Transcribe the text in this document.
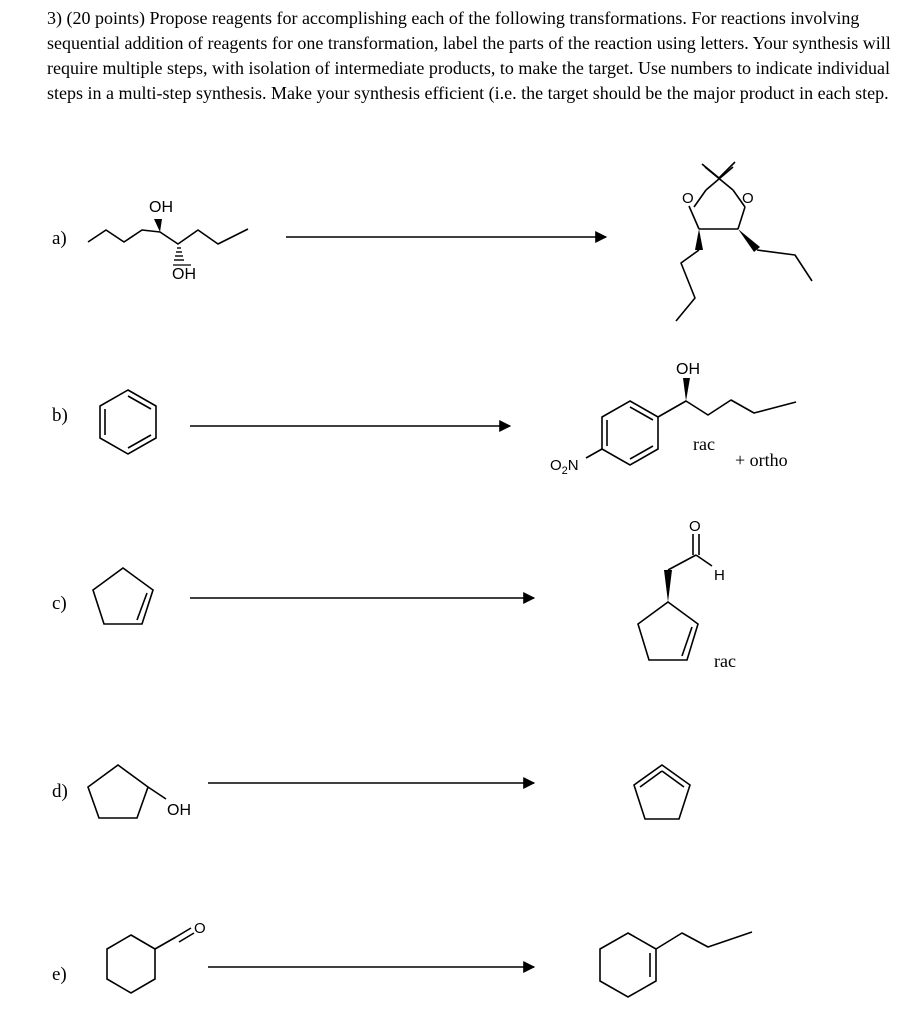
3) (20 points) Propose reagents for accomplishing each of the following transformations. For reactions involving sequential addition of reagents for one transformation, label the parts of the reaction using letters. Your synthesis will require multiple steps, with isolation of intermediate products, to make the target. Use numbers to indicate individual steps in a multi-step synthesis. Make your synthesis efficient (i.e. the target should be the major product in each step.

a)
OH
OH
O	O
b)
OH
$O_2N$
rac
+ ortho
c)
O
H
rac
d)
OH
e)
O
